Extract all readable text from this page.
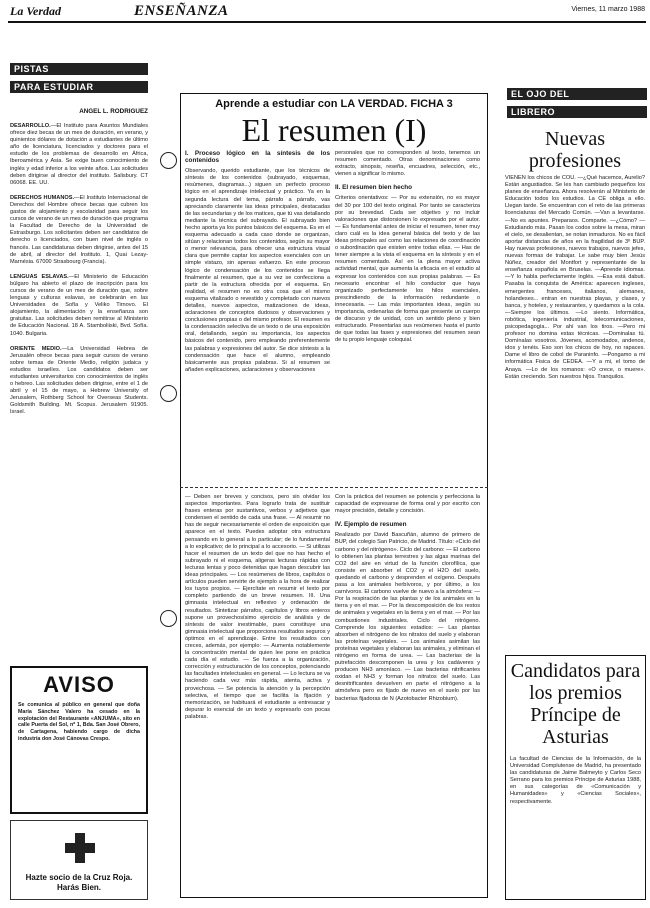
La Verdad	ENSEÑANZA	Viernes, 11 marzo 1988
PISTAS
PARA ESTUDIAR
ANGEL L. RODRIGUEZ

DESARROLLO.—El Instituto para Asuntos Mundiales ofrece diez becas de un mes de duración, en verano, y quinientos dólares de dotación a estudiantes de último año de licenciatura, licenciados y doctores para el estudio de los problemas de desarrollo en África, Iberoamérica y Asia. Se exige buen conocimiento de inglés y edad inferior a los veinte años. Las solicitudes deben dirigirse al director del instituto. Salisbury. CT 06068. EE. UU.

DERECHOS HUMANOS.—El Instituto Internacional de Derechos del Hombre ofrece becas que cubren los gastos de alojamiento y escolaridad para seguir los cursos de verano de un mes de duración que programa la Facultad de Derecho de la Universidad de Estrasburgo. Los solicitantes deben ser candidatos de derecho o licenciados, con buen nivel de inglés o francés. Las candidaturas deben dirigirse, antes del 15 de abril, al director del Instituto. 1, Quai Lezay-Marnésia. 67000 Strasbourg (Francia).

LENGUAS ESLAVAS.—El Ministerio de Educación búlgaro ha abierto el plazo de inscripción para los cursos de verano de un mes de duración que, sobre lenguas y culturas eslavas, se celebrarán en las Universidades de Sofía y Veliko Tirnovo. El alojamiento, la alimentación y la enseñanza son gratuitas. Las solicitudes deben remitirse al Ministerio de Educación Nacional. 18 A. Stamboliiski, Bvd. Sofía. 1040. Bulgaria.

ORIENTE MEDIO.—La Universidad Hebrea de Jerusalén ofrece becas para seguir cursos de verano sobre temas de Oriente Medio, religión judaica y estudios israelíes. Los candidatos deben ser estudiantes universitarios con conocimientos de inglés o hebreo. Las solicitudes deben dirigirse, entre el 1 de abril y el 15 de mayo, a Hebrew University of Jerusalem, Rothberg School for Overseas Students. Goldsmith Building. Mt. Scopus. Jerusalem 91905. Israel.

AVISO
Se comunica al público en general que doña María Sánchez Valero ha cesado en la explotación del Restaurante «ANJUMA», sito en calle Puerta del Sol, nº 1, Bda. San José Obrero, de Cartagena, habiendo cargo de dicha industria don José Cánovas Crespo.
Hazte socio de la Cruz Roja. Harás Bien.
Aprende a estudiar con LA VERDAD. FICHA 3
El resumen (I)
I. Proceso lógico en la síntesis de los contenidos

Observando, querido estudiante, que los técnicos de síntesis de los contenidos (subrayado, esquemas, resúmenes, diagramas...) siguen un perfecto proceso lógico en el aprendizaje intelectual y práctico. Ya en la segunda lectura del tema, párrafo a párrafo, vas apreciando claramente las ideas principales, destacadas de las secundarias y de los matices, que tú vas detallando mediante la técnica del subrayado. El subrayado bien hecho aporta ya los puntos básicos del esquema. Es en el esquema adecuado a cada caso donde se organizan, sitúan y relacionan todos los contenidos, según su mayor o menor relevancia, para ofrecer una estructura visual clara que permite captar los aspectos esenciales con un simple vistazo, sin apenas esfuerzo. En este proceso lógico de condensación de los contenidos se llega finalmente al resumen, que a su vez se confecciona a partir de la estructura ofrecida por el esquema. En realidad, el resumen no es otra cosa que el mismo esquema vitalizado o revestido y completado con nuevos detalles, nuevos aspectos, matizaciones de ideas, aclaraciones de conceptos dudosos y observaciones y conclusiones propias o del mismo profesor. El resumen es la condensación selectiva de un texto o de una exposición oral, detallando, según su importancia, los aspectos básicos del contenido, pero empleando preferentemente las palabras y expresiones del autor. Se dice síntesis a la condensación que hace el alumno, empleando básicamente sus propias palabras. Si al resumen se añaden explicaciones, aclaraciones y observaciones

personales que no corresponden al texto, tenemos un resumen comentado. Otras denominaciones como extracto, sinopsis, reseña, encuadres, selección, etc., vienen a significar lo mismo.

II. El resumen bien hecho

Criterios orientativos: — Por su extensión, no es mayor del 30 por 100 del texto original. Por tanto se caracteriza por su brevedad. Cada ser objetivo y no incluir valoraciones que distorsionen lo expresado por el autor. — Es fundamental antes de iniciar el resumen, tener muy claro cuál es la idea general básica del texto y de las ideas principales así como las relaciones de coordinación o subordinación que existen entre todas ellas. — Has de tener siempre a la vista el esquema en la síntesis y en el resumen comentado. Así en la plena mayor activa actividad mental, que aumenta la eficacia en el estudio al expresar los contenidos con sus propias palabras. — Es necesario encontrar el hilo conductor que haya organizado perfectamente los hilos esenciales, prescindiendo de la información redundante o innecesaria. — Las más importantes ideas, según su importancia, ordenarlas de forma que presente un cuerpo de discurso y de unidad, con un sentido pleno y bien estructurado. Presentarlas sus resúmenes hasta el punto de que todas las fases y expresiones del resumen sean de tu propio lenguaje coloquial.

— Deben ser breves y concisos, pero sin olvidar los aspectos importantes. Para lograrlo trata de sustituir frases enteras por sustantivos, verbos y adjetivos que condensen el sentido de cada una frase. — Al resumir no has de seguir necesariamente el orden de exposición que aparece en el texto. Puedes adoptar otra estructura pensando en lo general a lo particular; de lo fundamental a lo explicativo; de lo principal a lo accesorio. — Si utilizas hacer el resumen de un texto del que no has hecho el subrayado ni el esquema, aligeras lecturas rápidas con lecturas lentas y poco detenidas que hagan descubrir las ideas principales. — Los resúmenes de libros, capítulos o artículos pueden servirte de ejemplo a la hora de realizar los tuyos propios. — Ejercítate en resumir el texto por completo partiendo de un breve resumen. III. Una gimnasia intelectual en reflexivo y ordenación de resultados. Sintetizar párrafos, capítulos y libros enteros supone un provechosísimo ejercicio de análisis y de síntesis de valor inestimable, pues constituye una gimnasia intelectual que proporciona resultados seguros y óptimos en el aprendizaje. Entre los resultados con creces, además, por ejemplo: — Aumenta notablemente la concentración mental de quien lee pone en práctica cada día el estudio. — Se fuerza a la organización, corrección y estructuración de los conceptos, potenciando las facultades intelectuales en general. — Lo lectura se va haciendo cada vez más rápida, atenta, activa y provechosa. — Se potencia la atención y la percepción selectiva, el tiempo que se facilita la fijación y memorización, se habituará el estudiante a entresacar y depurar lo esencial de un texto y expresarlo con pocas palabras.

Con la práctica del resumen se potencia y perfecciona la capacidad de expresarse de forma oral y por escrito con mayor precisión, detalle y concisión.

IV. Ejemplo de resumen

Realizado por David Bascuñán, alumno de primero de BUP, del colegio San Patricio, de Madrid. Título: «Ciclo del carbono y del nitrógeno». Ciclo del carbono: — El carbono lo obtienen las plantas terrestres y las algas marinas del CO2 del aire en virtud de la función clorofílica, que consiste en absorber el CO2 y el H2O del suelo, quedando el carbono y desprenden el oxígeno. Después pasa a los animales herbívoros, y por último, a los carnívoros. El carbono vuelve de nuevo a la atmósfera: — Por la respiración de las plantas y de los animales en la tierra y en el mar. — Por la descomposición de los restos de animales y vegetales en la tierra y en el mar. — Por las combustiones industriales. Ciclo del nitrógeno. Comprende los siguientes estadios: — Las plantas absorben el nitrógeno de los nitratos del suelo y elaboran las proteínas vegetales. — Los animales asimilan las proteínas vegetales y elaboran las animales, y eliminan el nitrógeno en forma de urea. — Las bacterias de la putrefacción descomponen la urea y los cadáveres y producen NH3 amoníaco. — Las bacterias nitrificantes oxidan el NH3 y forman los nitratos del suelo. Las desnitrificantes devuelven en parte el nitrógeno a la atmósfera pero es fijado de nuevo en el suelo por las bacterias fijadoras de N (Azotobacter Rhizobium).

EL OJO DEL
LIBRERO
Nuevas profesiones

VIENEN los chicos de COU. —¿Qué hacemos, Aurelio? Están angustiados. Se les han cambiado pequeños los planes de enseñanza. Ahora resolverán al Ministerio de Educación todos los estudios. La CE obliga a ello. Llegan tarde. Se encuentran con el reto de las primeras licenciaturas del Mercado Común. —Van a levantarse. —No es apuntes. Preparaos. Comparte. —¿Cómo? —Estudiando más. Pasan los codos sobre la mesa, miran el cielo, se desalientan, se notan inmaduros. No es fácil aportar distancias de años en la fragilidad de 3º BUP. Hay nuevas profesiones, nuevos trabajos, nuevos jefes, nuevas formas de trabajar. Le sabe muy bien Jesús Núñez, creador del Montfort y representante de la enseñanza española en Bruselas. —Aprende idiomas. —Y lo habla perfectamente inglés. —Esa está dabuti. Pasaba la conquista de América: aparecen ingleses, emergentes franceses, italianos, alemanes, holandeses... entran en nuestras playas, y clases, y banca, y hoteles, y restaurantes, y quedamos a la cola. —Siempre los últimos. —Lo siento. Informática, robótica, ingeniería industrial, telecomunicaciones, psicopedagogía... Por ahí van los tiros. —Pero mi profesor no domina estas técnicas. —Dominalas tú. Domínalas vosotros. Jóvenes, acomodados, andenos, idos y tenéis. Eso son los chicos de hoy, no rapaces. Dame el libro de cobol de Paraninfo. —Pongamo a mi informática Fisica de CEDEA. —Y a mi, el tomo de Anaya. —Lo de los romanos: «O crece, o muere». Están creciendo. Son nuestros hijos. Tranquilos.

Candidatos para los premios Príncipe de Asturias
La facultad de Ciencias de la Información, de la Universidad Complutense de Madrid, ha presentado las candidaturas de Jaime Balmeyto y Carlos Seco Serrano para los premios Príncipe de Asturias 1988, en sus categorías de «Comunicación y Humanidades» y «Ciencias Sociales», respectivamente.
